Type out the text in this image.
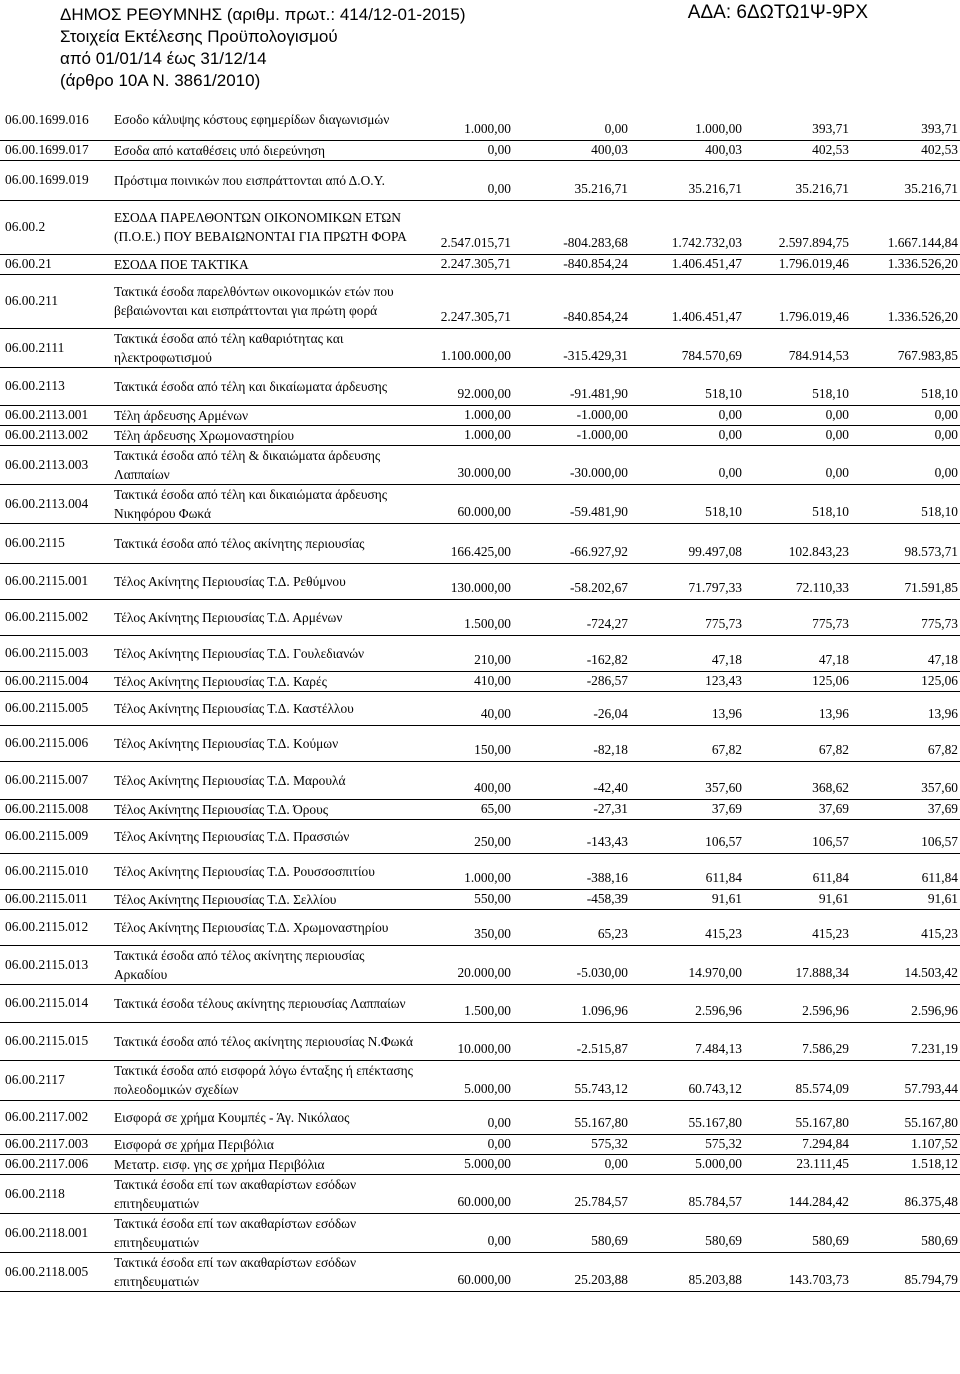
ΔΗΜΟΣ ΡΕΘΥΜΝΗΣ (αριθμ. πρωτ.: 414/12-01-2015)
Στοιχεία Εκτέλεσης Προϋπολογισμού
από 01/01/14 έως 31/12/14
(άρθρο 10Α Ν. 3861/2010)
ΑΔΑ: 6ΔΩΤΩ1Ψ-9ΡΧ
06.00.1699.016	Εσοδο κάλυψης κόστους εφημερίδων διαγωνισμών	1.000,00	0,00	1.000,00	393,71	393,71
06.00.1699.017	Εσοδα από καταθέσεις υπό διερεύνηση	0,00	400,03	400,03	402,53	402,53
06.00.1699.019	Πρόστιμα ποινικών που εισπράττονται από Δ.Ο.Υ.	0,00	35.216,71	35.216,71	35.216,71	35.216,71
06.00.2	ΕΣΟΔΑ ΠΑΡΕΛΘΟΝΤΩΝ ΟΙΚΟΝΟΜΙΚΩΝ ΕΤΩΝ (Π.Ο.Ε.) ΠΟΥ ΒΕΒΑΙΩΝΟΝΤΑΙ ΓΙΑ ΠΡΩΤΗ ΦΟΡΑ	2.547.015,71	-804.283,68	1.742.732,03	2.597.894,75	1.667.144,84
06.00.21	ΕΣΟΔΑ ΠΟΕ ΤΑΚΤΙΚΑ	2.247.305,71	-840.854,24	1.406.451,47	1.796.019,46	1.336.526,20
06.00.211	Τακτικά έσοδα παρελθόντων οικονομικών ετών που βεβαιώνονται και εισπράττονται για πρώτη φορά	2.247.305,71	-840.854,24	1.406.451,47	1.796.019,46	1.336.526,20
06.00.2111	Τακτικά έσοδα από τέλη καθαριότητας και ηλεκτροφωτισμού	1.100.000,00	-315.429,31	784.570,69	784.914,53	767.983,85
06.00.2113	Τακτικά έσοδα από τέλη και δικαίωματα άρδευσης	92.000,00	-91.481,90	518,10	518,10	518,10
06.00.2113.001	Τέλη άρδευσης Αρμένων	1.000,00	-1.000,00	0,00	0,00	0,00
06.00.2113.002	Τέλη άρδευσης Χρωμοναστηρίου	1.000,00	-1.000,00	0,00	0,00	0,00
06.00.2113.003	Τακτικά έσοδα από τέλη & δικαιώματα άρδευσης Λαππαίων	30.000,00	-30.000,00	0,00	0,00	0,00
06.00.2113.004	Τακτικά έσοδα από τέλη και δικαιώματα άρδευσης Νικηφόρου Φωκά	60.000,00	-59.481,90	518,10	518,10	518,10
06.00.2115	Τακτικά έσοδα από τέλος ακίνητης περιουσίας	166.425,00	-66.927,92	99.497,08	102.843,23	98.573,71
06.00.2115.001	Τέλος Ακίνητης Περιουσίας Τ.Δ. Ρεθύμνου	130.000,00	-58.202,67	71.797,33	72.110,33	71.591,85
06.00.2115.002	Τέλος Ακίνητης Περιουσίας Τ.Δ. Αρμένων	1.500,00	-724,27	775,73	775,73	775,73
06.00.2115.003	Τέλος Ακίνητης Περιουσίας Τ.Δ. Γουλεδιανών	210,00	-162,82	47,18	47,18	47,18
06.00.2115.004	Τέλος Ακίνητης Περιουσίας Τ.Δ. Καρές	410,00	-286,57	123,43	125,06	125,06
06.00.2115.005	Τέλος Ακίνητης Περιουσίας Τ.Δ. Καστέλλου	40,00	-26,04	13,96	13,96	13,96
06.00.2115.006	Τέλος Ακίνητης Περιουσίας Τ.Δ. Κούμων	150,00	-82,18	67,82	67,82	67,82
06.00.2115.007	Τέλος Ακίνητης Περιουσίας Τ.Δ. Μαρουλά	400,00	-42,40	357,60	368,62	357,60
06.00.2115.008	Τέλος Ακίνητης Περιουσίας Τ.Δ. Όρους	65,00	-27,31	37,69	37,69	37,69
06.00.2115.009	Τέλος Ακίνητης Περιουσίας Τ.Δ. Πρασσιών	250,00	-143,43	106,57	106,57	106,57
06.00.2115.010	Τέλος Ακίνητης Περιουσίας Τ.Δ. Ρουσσοσπιτίου	1.000,00	-388,16	611,84	611,84	611,84
06.00.2115.011	Τέλος Ακίνητης Περιουσίας Τ.Δ. Σελλίου	550,00	-458,39	91,61	91,61	91,61
06.00.2115.012	Τέλος Ακίνητης Περιουσίας Τ.Δ. Χρωμοναστηρίου	350,00	65,23	415,23	415,23	415,23
06.00.2115.013	Τακτικά έσοδα από τέλος ακίνητης περιουσίας Αρκαδίου	20.000,00	-5.030,00	14.970,00	17.888,34	14.503,42
06.00.2115.014	Τακτικά έσοδα τέλους ακίνητης περιουσίας Λαππαίων	1.500,00	1.096,96	2.596,96	2.596,96	2.596,96
06.00.2115.015	Τακτικά έσοδα από τέλος ακίνητης περιουσίας Ν.Φωκά	10.000,00	-2.515,87	7.484,13	7.586,29	7.231,19
06.00.2117	Τακτικά έσοδα από εισφορά λόγω ένταξης ή επέκτασης πολεοδομικών σχεδίων	5.000,00	55.743,12	60.743,12	85.574,09	57.793,44
06.00.2117.002	Εισφορά σε χρήμα Κουμπές - Άγ. Νικόλαος	0,00	55.167,80	55.167,80	55.167,80	55.167,80
06.00.2117.003	Εισφορά σε χρήμα Περιβόλια	0,00	575,32	575,32	7.294,84	1.107,52
06.00.2117.006	Μετατρ. εισφ. γης σε χρήμα Περιβόλια	5.000,00	0,00	5.000,00	23.111,45	1.518,12
06.00.2118	Τακτικά έσοδα επί των ακαθαρίστων εσόδων επιτηδευματιών	60.000,00	25.784,57	85.784,57	144.284,42	86.375,48
06.00.2118.001	Τακτικά έσοδα επί των ακαθαρίστων εσόδων επιτηδευματιών	0,00	580,69	580,69	580,69	580,69
06.00.2118.005	Τακτικά έσοδα επί των ακαθαρίστων εσόδων επιτηδευματιών	60.000,00	25.203,88	85.203,88	143.703,73	85.794,79
